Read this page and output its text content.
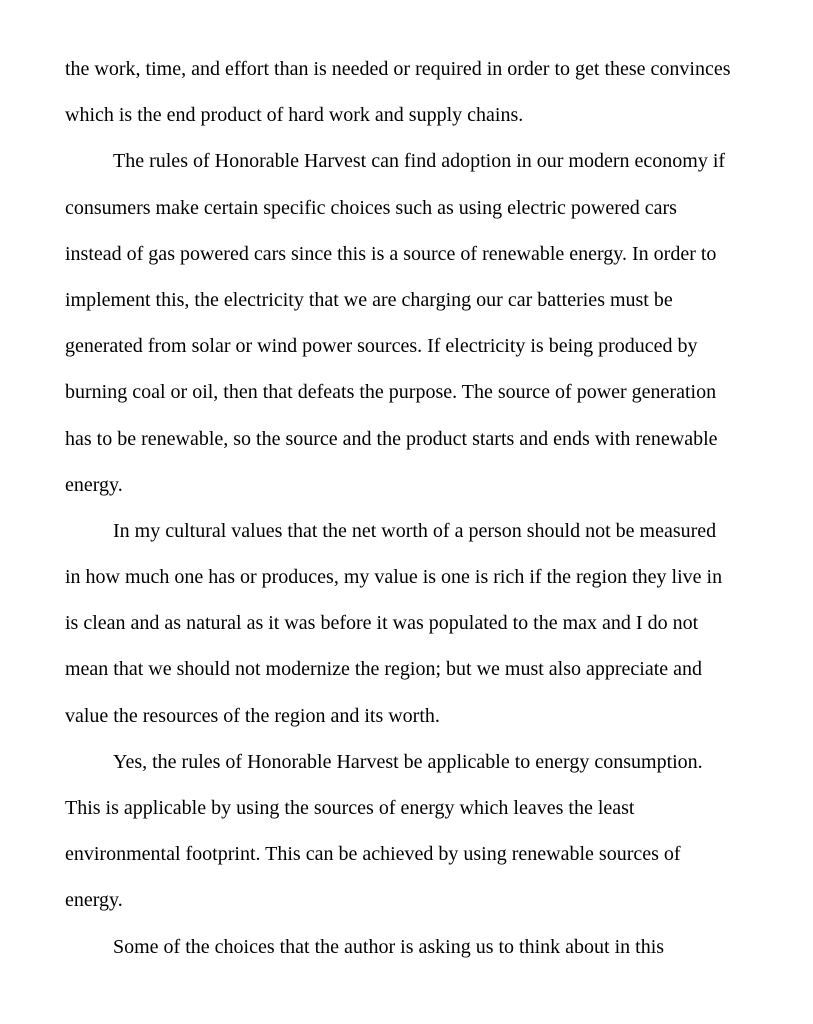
the work, time, and effort than is needed or required in order to get these convinces
which is the end product of hard work and supply chains.

The rules of Honorable Harvest can find adoption in our modern economy if
consumers make certain specific choices such as using electric powered cars
instead of gas powered cars since this is a source of renewable energy. In order to
implement this, the electricity that we are charging our car batteries must be
generated from solar or wind power sources. If electricity is being produced by
burning coal or oil, then that defeats the purpose. The source of power generation
has to be renewable, so the source and the product starts and ends with renewable
energy.

In my cultural values that the net worth of a person should not be measured
in how much one has or produces, my value is one is rich if the region they live in
is clean and as natural as it was before it was populated to the max and I do not
mean that we should not modernize the region; but we must also appreciate and
value the resources of the region and its worth.

Yes, the rules of Honorable Harvest be applicable to energy consumption.
This is applicable by using the sources of energy which leaves the least
environmental footprint. This can be achieved by using renewable sources of
energy.

Some of the choices that the author is asking us to think about in this
